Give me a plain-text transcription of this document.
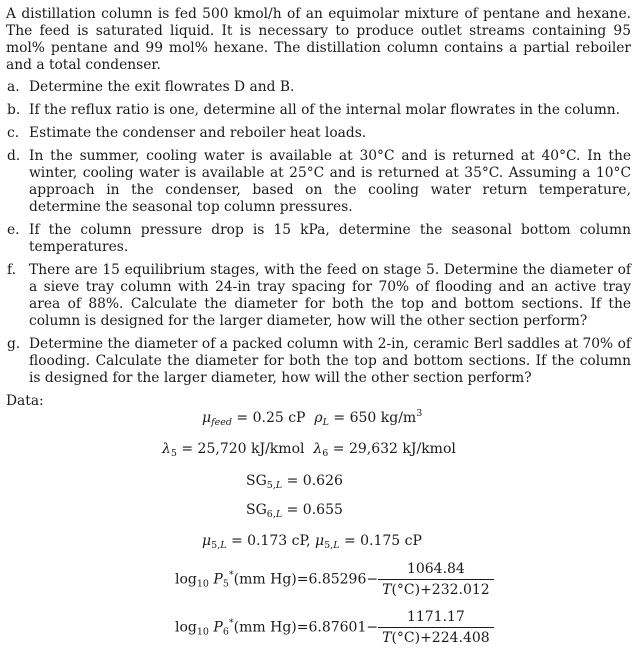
A distillation column is fed 500 kmol/h of an equimolar mixture of pentane and hexane. The feed is saturated liquid. It is necessary to produce outlet streams containing 95 mol% pentane and 99 mol% hexane. The distillation column contains a partial reboiler and a total condenser.

a. Determine the exit flowrates D and B.
b. If the reflux ratio is one, determine all of the internal molar flowrates in the column.
c. Estimate the condenser and reboiler heat loads.
d. In the summer, cooling water is available at 30°C and is returned at 40°C. In the winter, cooling water is available at 25°C and is returned at 35°C. Assuming a 10°C approach in the condenser, based on the cooling water return temperature, determine the seasonal top column pressures.
e. If the column pressure drop is 15 kPa, determine the seasonal bottom column temperatures.
f. There are 15 equilibrium stages, with the feed on stage 5. Determine the diameter of a sieve tray column with 24-in tray spacing for 70% of flooding and an active tray area of 88%. Calculate the diameter for both the top and bottom sections. If the column is designed for the larger diameter, how will the other section perform?
g. Determine the diameter of a packed column with 2-in, ceramic Berl saddles at 70% of flooding. Calculate the diameter for both the top and bottom sections. If the column is designed for the larger diameter, how will the other section perform?
Data:
$\mu_{feed} = 0.25$ cP $\rho_L = 650$ $kg/m^3$
$\lambda_5 = 25,720$ kJ/kmol $\lambda_6 = 29,632$ kJ/kmol
$SG_{5,L} = 0.626$
$SG_{6,L} = 0.655$
$\mu_{5,L} = 0.173$ cP, $\mu_{5,L} = 0.175$ cP
$\log_{10} P_5^*(mm$ $Hg)=6.85296- \frac{1064.84}{T(^\circ C)+232.012}$
$\log_{10} P_6^*(mm$ $Hg)=6.87601- \frac{1171.17}{T(^\circ C)+224.408}$
